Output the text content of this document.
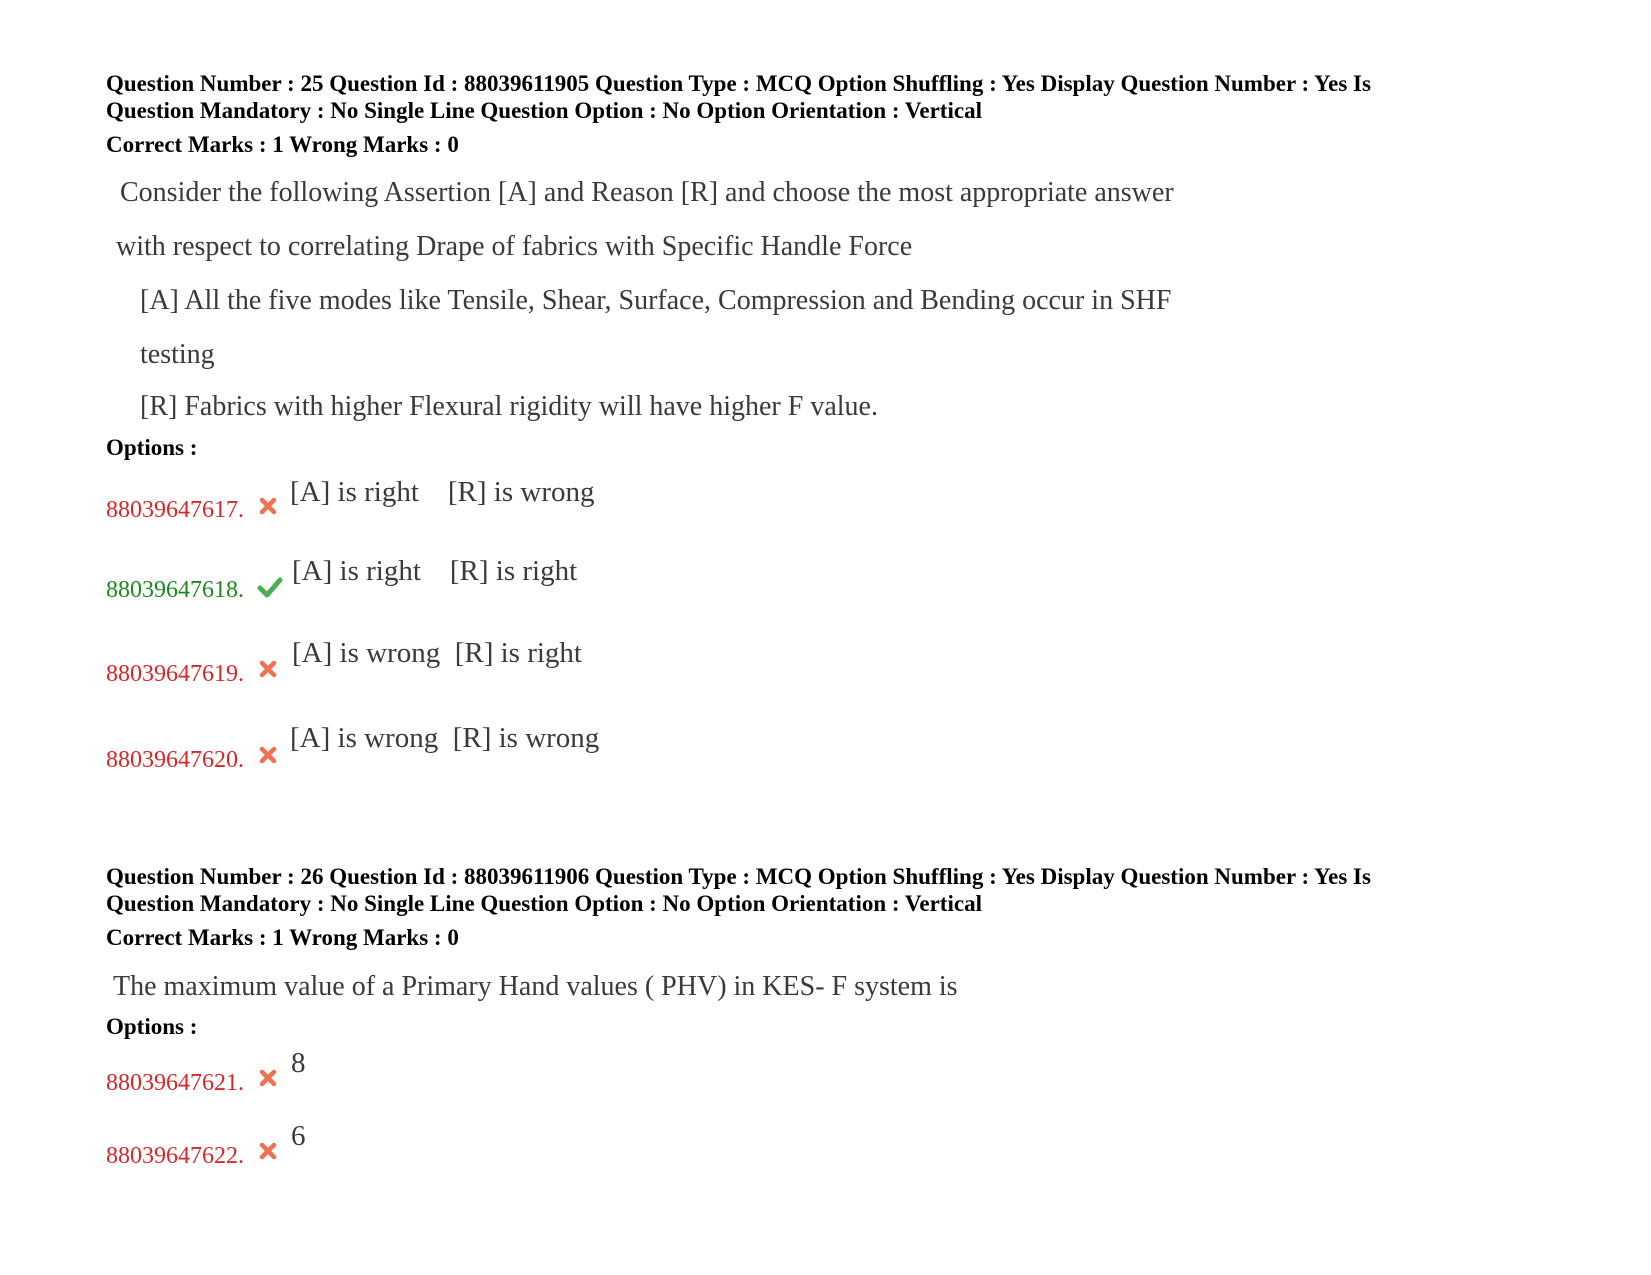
Question Number : 25 Question Id : 88039611905 Question Type : MCQ Option Shuffling : Yes Display Question Number : Yes Is

Question Mandatory : No Single Line Question Option : No Option Orientation : Vertical

Correct Marks : 1 Wrong Marks : 0

Consider the following Assertion [A] and Reason [R] and choose the most appropriate answer

with respect to correlating Drape of fabrics with Specific Handle Force

[A] All the five modes like Tensile, Shear, Surface, Compression and Bending occur in SHF

testing

[R] Fabrics with higher Flexural rigidity will have higher F value.

Options :
88039647617.
[A] is right    [R] is wrong
88039647618.
[A] is right    [R] is right
88039647619.
[A] is wrong  [R] is right
88039647620.
[A] is wrong  [R] is wrong

Question Number : 26 Question Id : 88039611906 Question Type : MCQ Option Shuffling : Yes Display Question Number : Yes Is

Question Mandatory : No Single Line Question Option : No Option Orientation : Vertical

Correct Marks : 1 Wrong Marks : 0

The maximum value of a Primary Hand values ( PHV) in KES- F system is

Options :
88039647621.
8
88039647622.
6
